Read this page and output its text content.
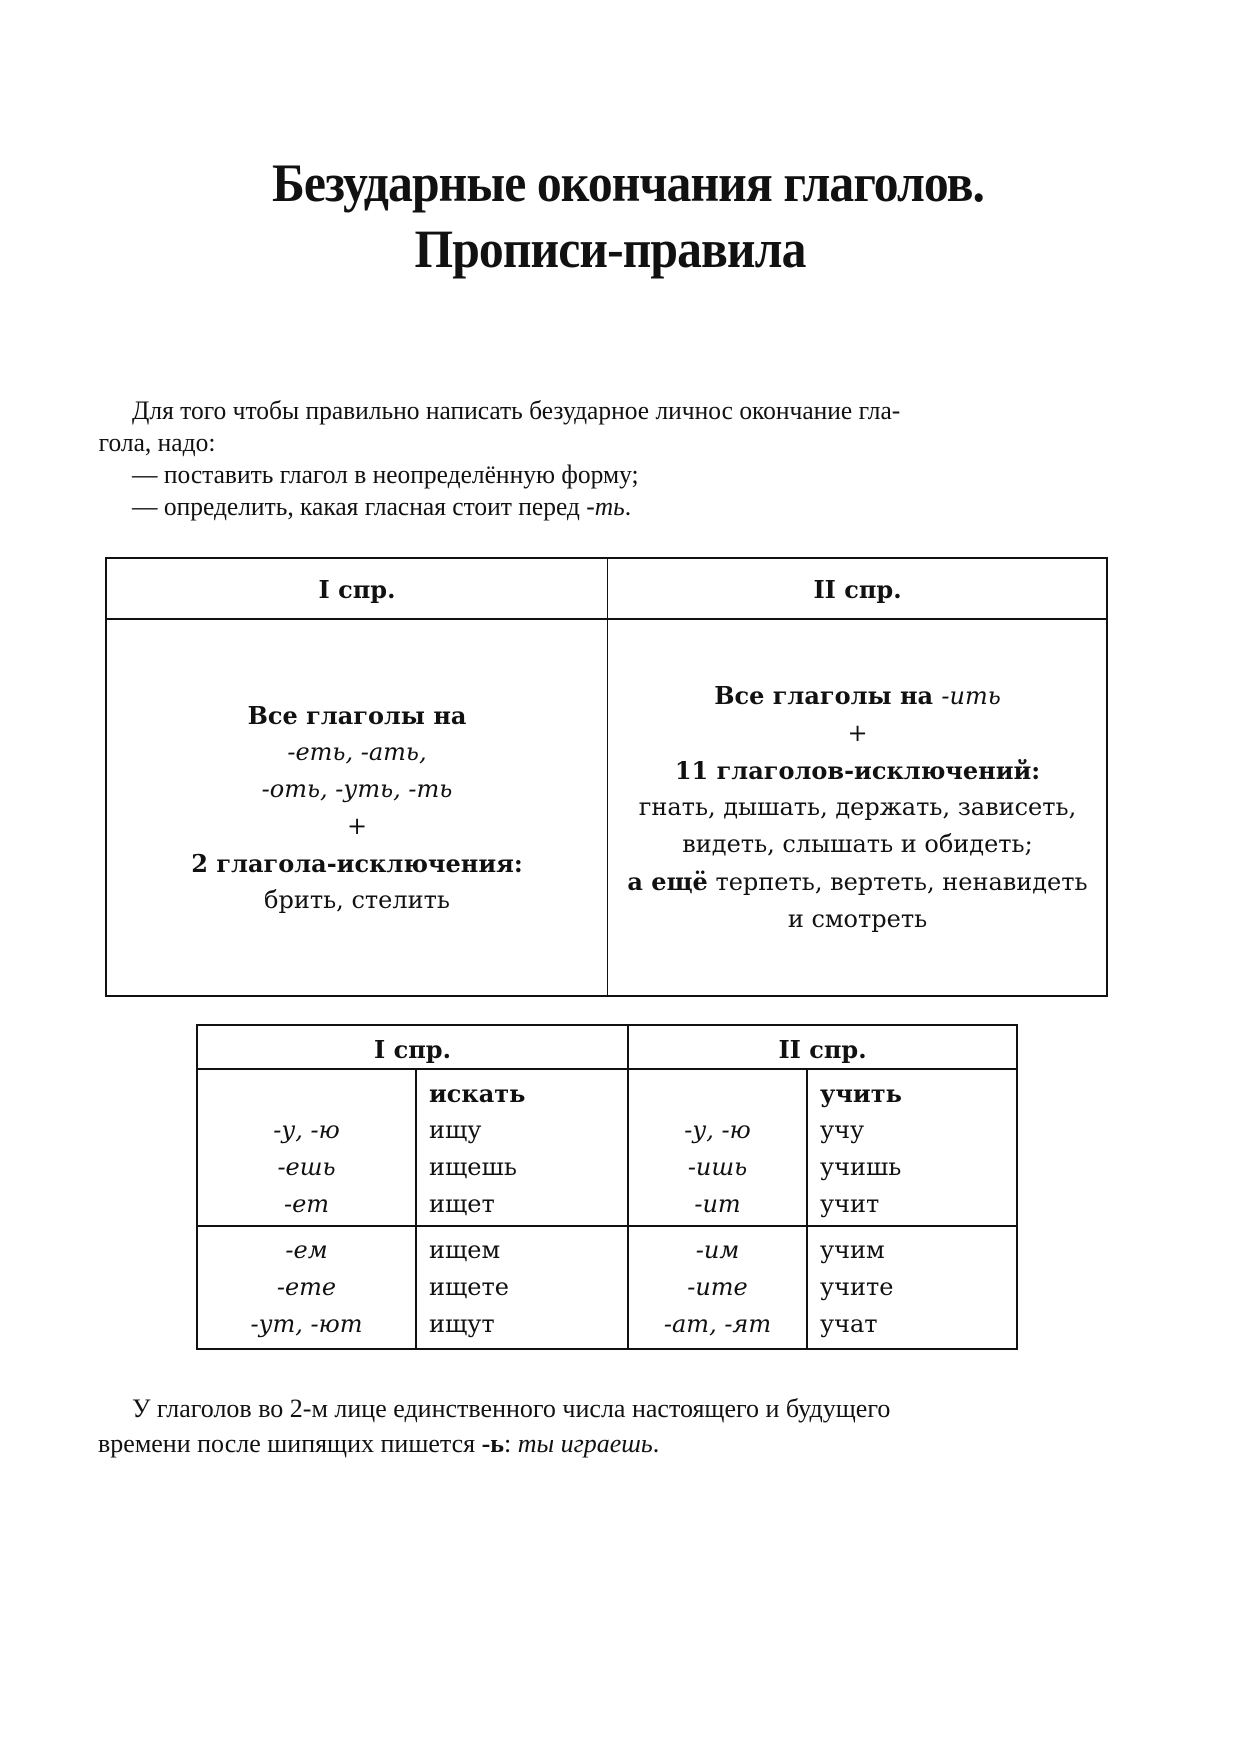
Безударные окончания глаголов.
Прописи-правила
Для того чтобы правильно написать безударное личнос окончание гла-
гола, надо:
— поставить глагол в неопределённую форму;
— определить, какая гласная стоит перед -ть.
I спр.	II спр.
Все глаголы на
-еть, -ать,
-оть, -уть, -ть
+
2 глагола-исключения:
брить, стелить
Все глаголы на -ить
+
11 глаголов-исключений:
гнать, дышать, держать, зависеть,
видеть, слышать и обидеть;
а ещё терпеть, вертеть, ненавидеть
и смотреть
I спр.	II спр.
-у, -ю
-ешь
-ет
искать
ищу
ищешь
ищет
-ем
-ете
-ут, -ют
ищем
ищете
ищут
-у, -ю
-ишь
-ит
учить
учу
учишь
учит
-им
-ите
-ат, -ят
учим
учите
учат
У глаголов во 2-м лице единственного числа настоящего и будущего
времени после шипящих пишется -ь: ты играешь.
